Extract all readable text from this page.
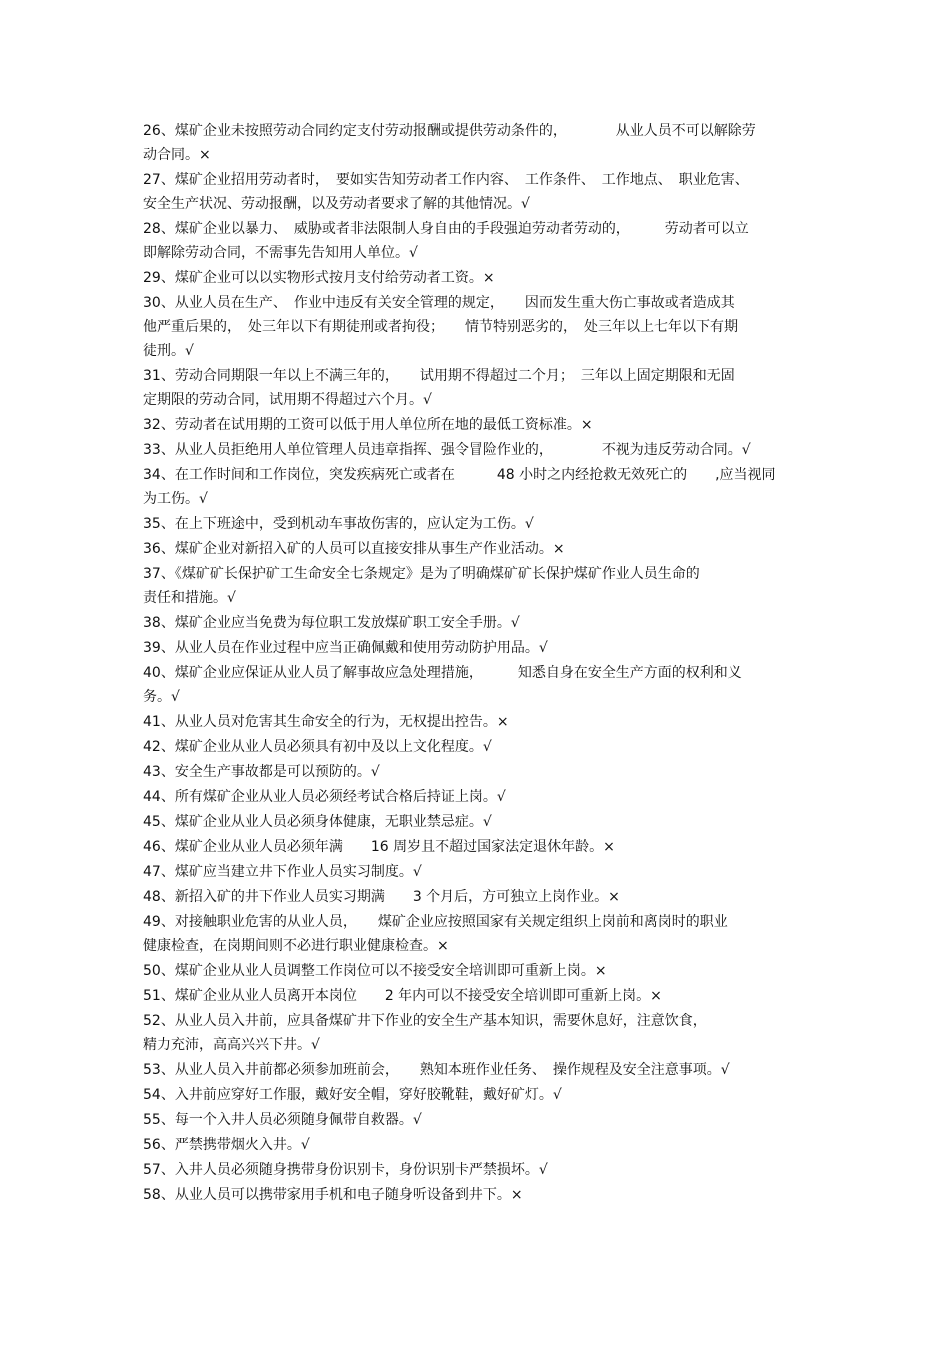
26、煤矿企业未按照劳动合同约定支付劳动报酬或提供劳动条件的，　　　　从业人员不可以解除劳
动合同。×
27、煤矿企业招用劳动者时，　要如实告知劳动者工作内容、　工作条件、　工作地点、　职业危害、
安全生产状况、劳动报酬，以及劳动者要求了解的其他情况。√
28、煤矿企业以暴力、　威胁或者非法限制人身自由的手段强迫劳动者劳动的，　　　劳动者可以立
即解除劳动合同，不需事先告知用人单位。√
29、煤矿企业可以以实物形式按月支付给劳动者工资。×
30、从业人员在生产、　作业中违反有关安全管理的规定，　　因而发生重大伤亡事故或者造成其
他严重后果的，　处三年以下有期徒刑或者拘役；　　情节特别恶劣的，　处三年以上七年以下有期
徒刑。√
31、劳动合同期限一年以上不满三年的，　　试用期不得超过二个月；　三年以上固定期限和无固
定期限的劳动合同，试用期不得超过六个月。√
32、劳动者在试用期的工资可以低于用人单位所在地的最低工资标准。×
33、从业人员拒绝用人单位管理人员违章指挥、强令冒险作业的，　　　　不视为违反劳动合同。√
34、在工作时间和工作岗位，突发疾病死亡或者在　　　48 小时之内经抢救无效死亡的　　,应当视同
为工伤。√
35、在上下班途中，受到机动车事故伤害的，应认定为工伤。√
36、煤矿企业对新招入矿的人员可以直接安排从事生产作业活动。×
37、《煤矿矿长保护矿工生命安全七条规定》是为了明确煤矿矿长保护煤矿作业人员生命的
责任和措施。√
38、煤矿企业应当免费为每位职工发放煤矿职工安全手册。√
39、从业人员在作业过程中应当正确佩戴和使用劳动防护用品。√
40、煤矿企业应保证从业人员了解事故应急处理措施，　　　知悉自身在安全生产方面的权利和义
务。√
41、从业人员对危害其生命安全的行为，无权提出控告。×
42、煤矿企业从业人员必须具有初中及以上文化程度。√
43、安全生产事故都是可以预防的。√
44、所有煤矿企业从业人员必须经考试合格后持证上岗。√
45、煤矿企业从业人员必须身体健康，无职业禁忌症。√
46、煤矿企业从业人员必须年满　　16 周岁且不超过国家法定退休年龄。×
47、煤矿应当建立井下作业人员实习制度。√
48、新招入矿的井下作业人员实习期满　　3 个月后，方可独立上岗作业。×
49、对接触职业危害的从业人员，　　煤矿企业应按照国家有关规定组织上岗前和离岗时的职业
健康检查，在岗期间则不必进行职业健康检查。×
50、煤矿企业从业人员调整工作岗位可以不接受安全培训即可重新上岗。×
51、煤矿企业从业人员离开本岗位　　2 年内可以不接受安全培训即可重新上岗。×
52、从业人员入井前，应具备煤矿井下作业的安全生产基本知识，需要休息好，注意饮食，
精力充沛，高高兴兴下井。√
53、从业人员入井前都必须参加班前会，　　熟知本班作业任务、　操作规程及安全注意事项。√
54、入井前应穿好工作服，戴好安全帽，穿好胶靴鞋，戴好矿灯。√
55、每一个入井人员必须随身佩带自救器。√
56、严禁携带烟火入井。√
57、入井人员必须随身携带身份识别卡，身份识别卡严禁损坏。√
58、从业人员可以携带家用手机和电子随身听设备到井下。×
